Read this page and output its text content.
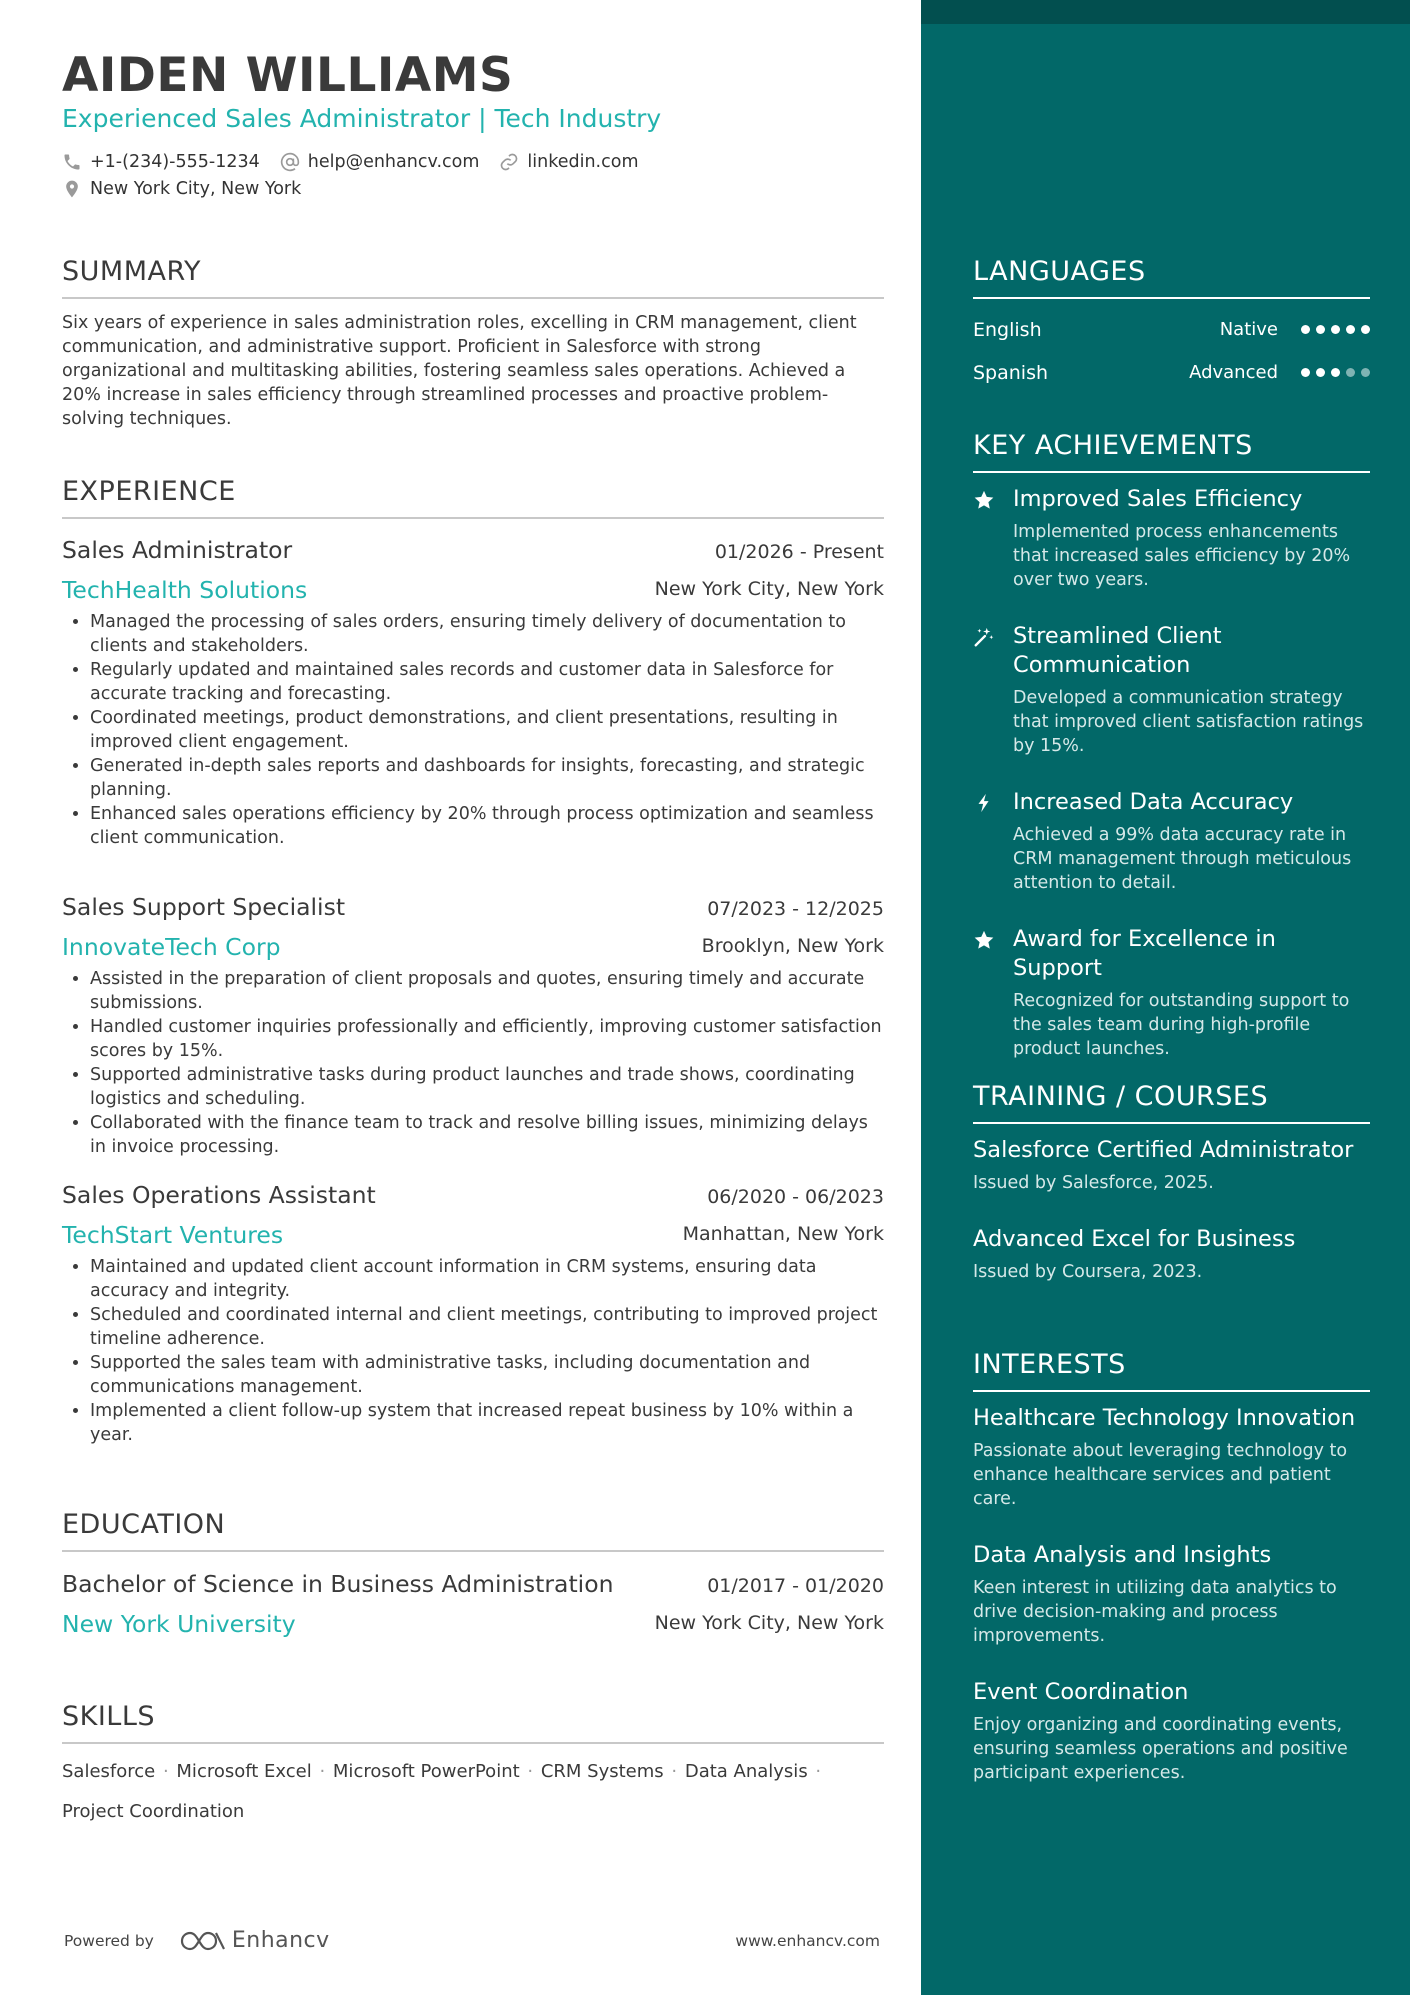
AIDEN WILLIAMS
Experienced Sales Administrator | Tech Industry
+1-(234)-555-1234	help@enhancv.com	linkedin.com
New York City, New York
SUMMARY
Six years of experience in sales administration roles, excelling in CRM management, client communication, and administrative support. Proficient in Salesforce with strong organizational and multitasking abilities, fostering seamless sales operations. Achieved a 20% increase in sales efficiency through streamlined processes and proactive problem-solving techniques.
EXPERIENCE
Sales Administrator	01/2026 - Present
TechHealth Solutions	New York City, New York
• Managed the processing of sales orders, ensuring timely delivery of documentation to clients and stakeholders.
• Regularly updated and maintained sales records and customer data in Salesforce for accurate tracking and forecasting.
• Coordinated meetings, product demonstrations, and client presentations, resulting in improved client engagement.
• Generated in-depth sales reports and dashboards for insights, forecasting, and strategic planning.
• Enhanced sales operations efficiency by 20% through process optimization and seamless client communication.
Sales Support Specialist	07/2023 - 12/2025
InnovateTech Corp	Brooklyn, New York
• Assisted in the preparation of client proposals and quotes, ensuring timely and accurate submissions.
• Handled customer inquiries professionally and efficiently, improving customer satisfaction scores by 15%.
• Supported administrative tasks during product launches and trade shows, coordinating logistics and scheduling.
• Collaborated with the finance team to track and resolve billing issues, minimizing delays in invoice processing.
Sales Operations Assistant	06/2020 - 06/2023
TechStart Ventures	Manhattan, New York
• Maintained and updated client account information in CRM systems, ensuring data accuracy and integrity.
• Scheduled and coordinated internal and client meetings, contributing to improved project timeline adherence.
• Supported the sales team with administrative tasks, including documentation and communications management.
• Implemented a client follow-up system that increased repeat business by 10% within a year.
EDUCATION
Bachelor of Science in Business Administration	01/2017 - 01/2020
New York University	New York City, New York
SKILLS
Salesforce · Microsoft Excel · Microsoft PowerPoint · CRM Systems · Data Analysis ·
Project Coordination
Powered by	Enhancv	www.enhancv.com
LANGUAGES
English	Native
Spanish	Advanced
KEY ACHIEVEMENTS
Improved Sales Efficiency
Implemented process enhancements that increased sales efficiency by 20% over two years.
Streamlined Client Communication
Developed a communication strategy that improved client satisfaction ratings by 15%.
Increased Data Accuracy
Achieved a 99% data accuracy rate in CRM management through meticulous attention to detail.
Award for Excellence in Support
Recognized for outstanding support to the sales team during high-profile product launches.
TRAINING / COURSES
Salesforce Certified Administrator
Issued by Salesforce, 2025.
Advanced Excel for Business
Issued by Coursera, 2023.
INTERESTS
Healthcare Technology Innovation
Passionate about leveraging technology to enhance healthcare services and patient care.
Data Analysis and Insights
Keen interest in utilizing data analytics to drive decision-making and process improvements.
Event Coordination
Enjoy organizing and coordinating events, ensuring seamless operations and positive participant experiences.
